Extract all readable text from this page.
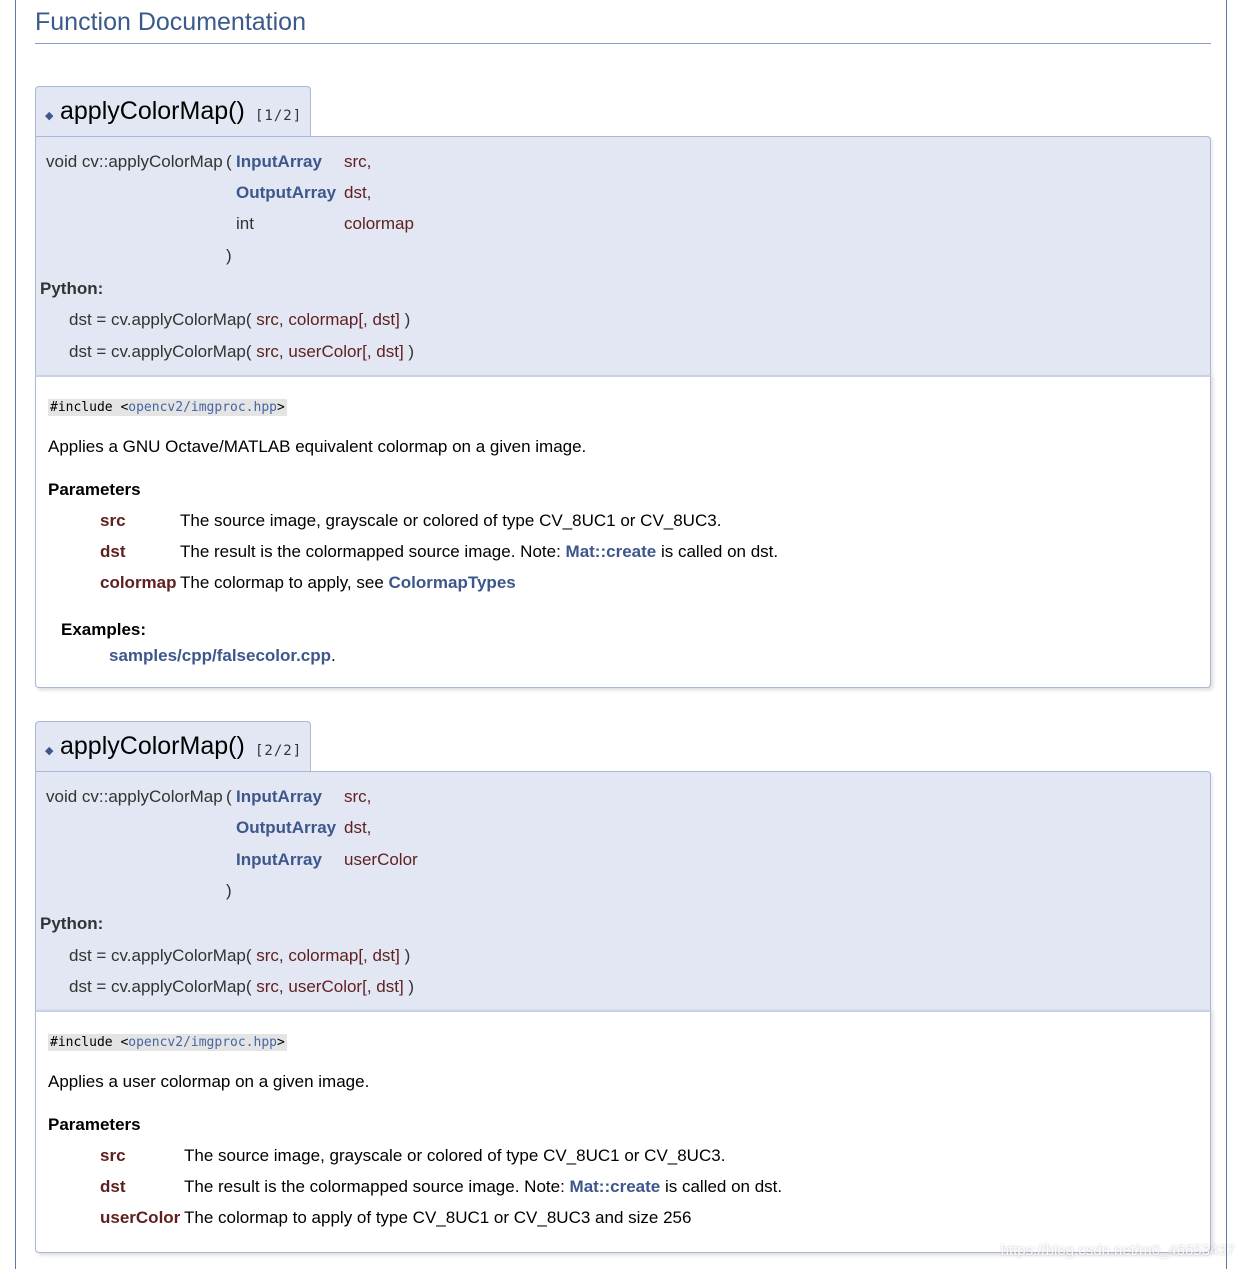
Function Documentation
◆ applyColorMap() [1/2]
void cv::applyColorMap ( InputArray src,
OutputArray dst,
int	colormap
)
Python:
dst = cv.applyColorMap( src, colormap[, dst] )
dst = cv.applyColorMap( src, userColor[, dst] )
#include <opencv2/imgproc.hpp>
Applies a GNU Octave/MATLAB equivalent colormap on a given image.
Parameters
src	The source image, grayscale or colored of type CV_8UC1 or CV_8UC3.
dst	The result is the colormapped source image. Note: Mat::create is called on dst.
colormap The colormap to apply, see ColormapTypes
Examples:
samples/cpp/falsecolor.cpp.
◆ applyColorMap() [2/2]
void cv::applyColorMap ( InputArray src,
OutputArray dst,
InputArray userColor
)
Python:
dst = cv.applyColorMap( src, colormap[, dst] )
dst = cv.applyColorMap( src, userColor[, dst] )
#include <opencv2/imgproc.hpp>
Applies a user colormap on a given image.
Parameters
src	The source image, grayscale or colored of type CV_8UC1 or CV_8UC3.
dst	The result is the colormapped source image. Note: Mat::create is called on dst.
userColor The colormap to apply of type CV_8UC1 or CV_8UC3 and size 256
https://blog.csdn.net/m0_46653437
